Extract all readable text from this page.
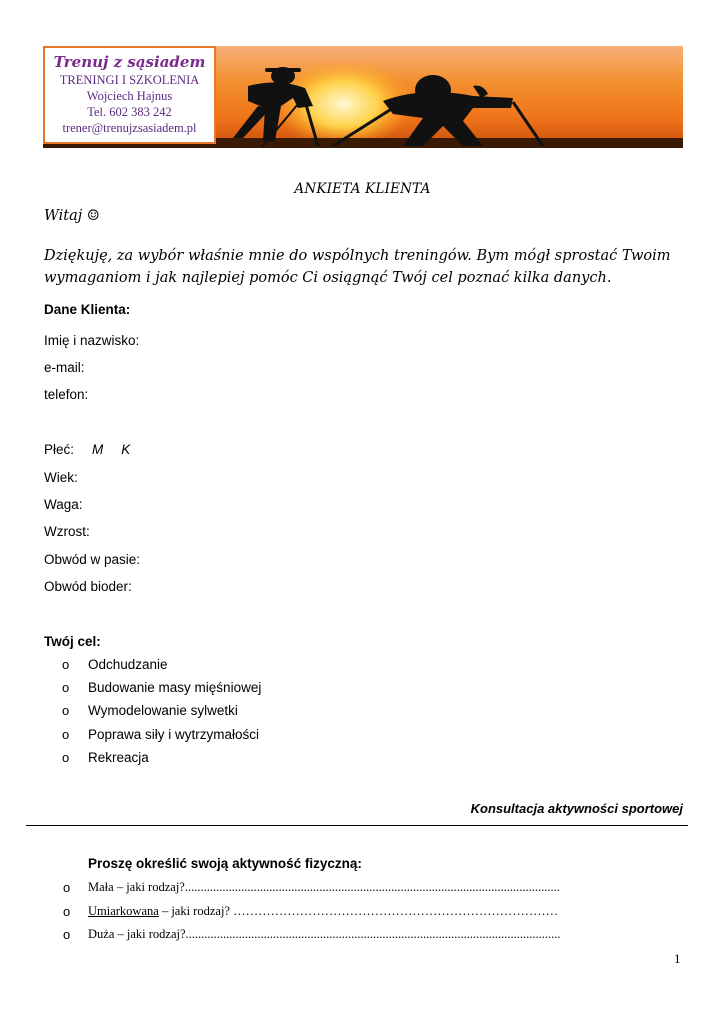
Trenuj z sąsiadem
TRENINGI I SZKOLENIA
Wojciech Hajnus
Tel. 602 383 242
trener@trenujzsasiadem.pl
ANKIETA KLIENTA
Witaj ☺
Dziękuję, za wybór właśnie mnie do wspólnych treningów. Bym mógł sprostać Twoim wymaganiom i jak najlepiej pomóc Ci osiągnąć Twój cel poznać kilka danych.
Dane Klienta:
Imię i nazwisko:
e-mail:
telefon:
Płeć: M K
Wiek:
Waga:
Wzrost:
Obwód w pasie:
Obwód bioder:
Twój cel:
o Odchudzanie
o Budowanie masy mięśniowej
o Wymodelowanie sylwetki
o Poprawa siły i wytrzymałości
o Rekreacja
Konsultacja aktywności sportowej
Proszę określić swoją aktywność fizyczną:
o Mała – jaki rodzaj?........................................................................................................................
o Umiarkowana – jaki rodzaj? ……………………………………………………………………
o Duża – jaki rodzaj?........................................................................................................................
1
